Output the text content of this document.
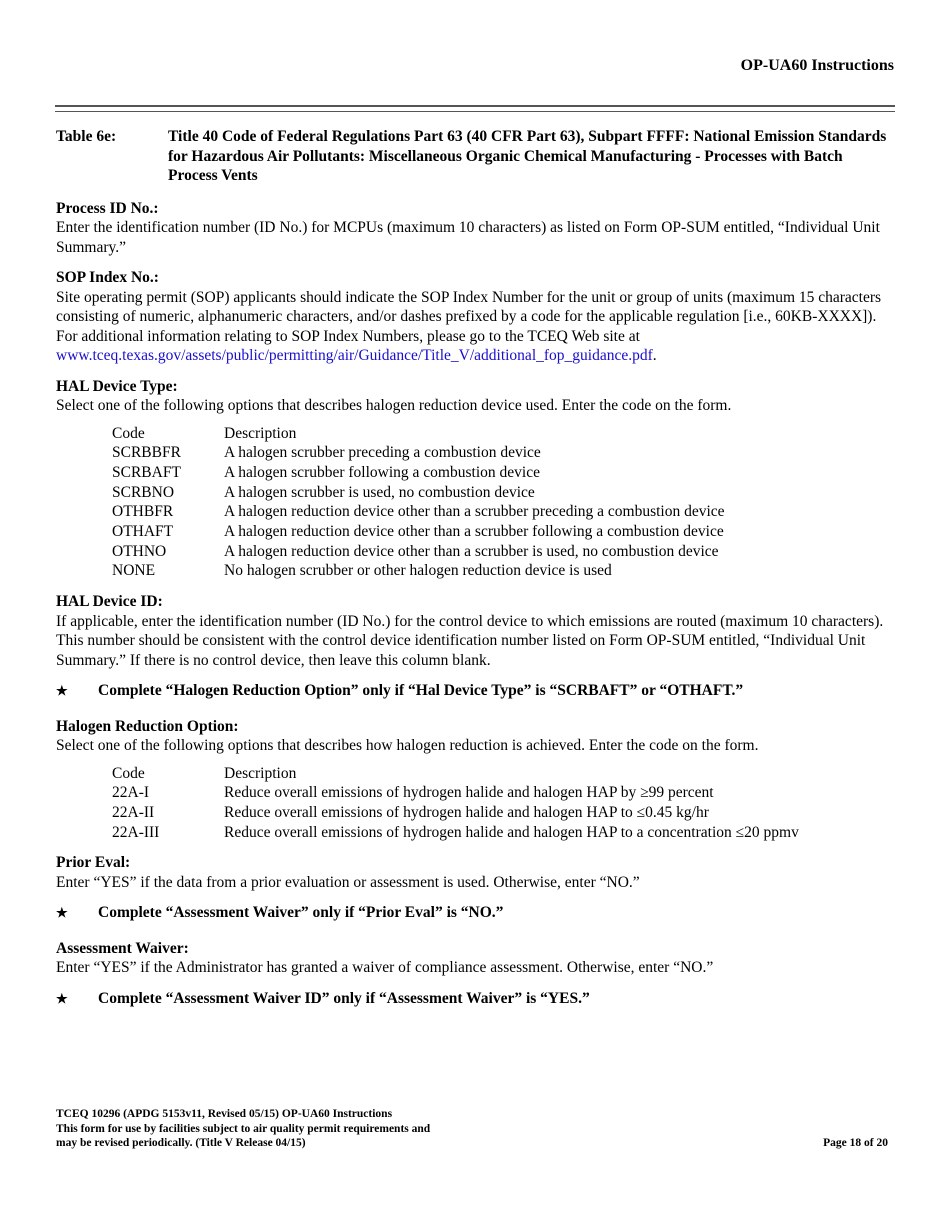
OP-UA60 Instructions
Table 6e:	Title 40 Code of Federal Regulations Part 63 (40 CFR Part 63), Subpart FFFF: National Emission Standards for Hazardous Air Pollutants: Miscellaneous Organic Chemical Manufacturing - Processes with Batch Process Vents
Process ID No.:

Enter the identification number (ID No.) for MCPUs (maximum 10 characters) as listed on Form OP-SUM entitled, “Individual Unit Summary.”

SOP Index No.:

Site operating permit (SOP) applicants should indicate the SOP Index Number for the unit or group of units (maximum 15 characters consisting of numeric, alphanumeric characters, and/or dashes prefixed by a code for the applicable regulation [i.e., 60KB-XXXX]). For additional information relating to SOP Index Numbers, please go to the TCEQ Web site at www.tceq.texas.gov/assets/public/permitting/air/Guidance/Title_V/additional_fop_guidance.pdf.

HAL Device Type:

Select one of the following options that describes halogen reduction device used. Enter the code on the form.

Code	Description
SCRBBFR	A halogen scrubber preceding a combustion device
SCRBAFT	A halogen scrubber following a combustion device
SCRBNO	A halogen scrubber is used, no combustion device
OTHBFR	A halogen reduction device other than a scrubber preceding a combustion device
OTHAFT	A halogen reduction device other than a scrubber following a combustion device
OTHNO	A halogen reduction device other than a scrubber is used, no combustion device
NONE	No halogen scrubber or other halogen reduction device is used
HAL Device ID:

If applicable, enter the identification number (ID No.) for the control device to which emissions are routed (maximum 10 characters). This number should be consistent with the control device identification number listed on Form OP-SUM entitled, “Individual Unit Summary.” If there is no control device, then leave this column blank.

★	Complete “Halogen Reduction Option” only if “Hal Device Type” is “SCRBAFT” or “OTHAFT.”
Halogen Reduction Option:

Select one of the following options that describes how halogen reduction is achieved. Enter the code on the form.

Code	Description
22A-I	Reduce overall emissions of hydrogen halide and halogen HAP by ≥99 percent
22A-II	Reduce overall emissions of hydrogen halide and halogen HAP to ≤0.45 kg/hr
22A-III	Reduce overall emissions of hydrogen halide and halogen HAP to a concentration ≤20 ppmv
Prior Eval:

Enter “YES” if the data from a prior evaluation or assessment is used. Otherwise, enter “NO.”

★	Complete “Assessment Waiver” only if “Prior Eval” is “NO.”
Assessment Waiver:

Enter “YES” if the Administrator has granted a waiver of compliance assessment. Otherwise, enter “NO.”

★	Complete “Assessment Waiver ID” only if “Assessment Waiver” is “YES.”
TCEQ 10296 (APDG 5153v11, Revised 05/15) OP-UA60 Instructions
This form for use by facilities subject to air quality permit requirements and
may be revised periodically. (Title V Release 04/15)	Page 18 of 20
